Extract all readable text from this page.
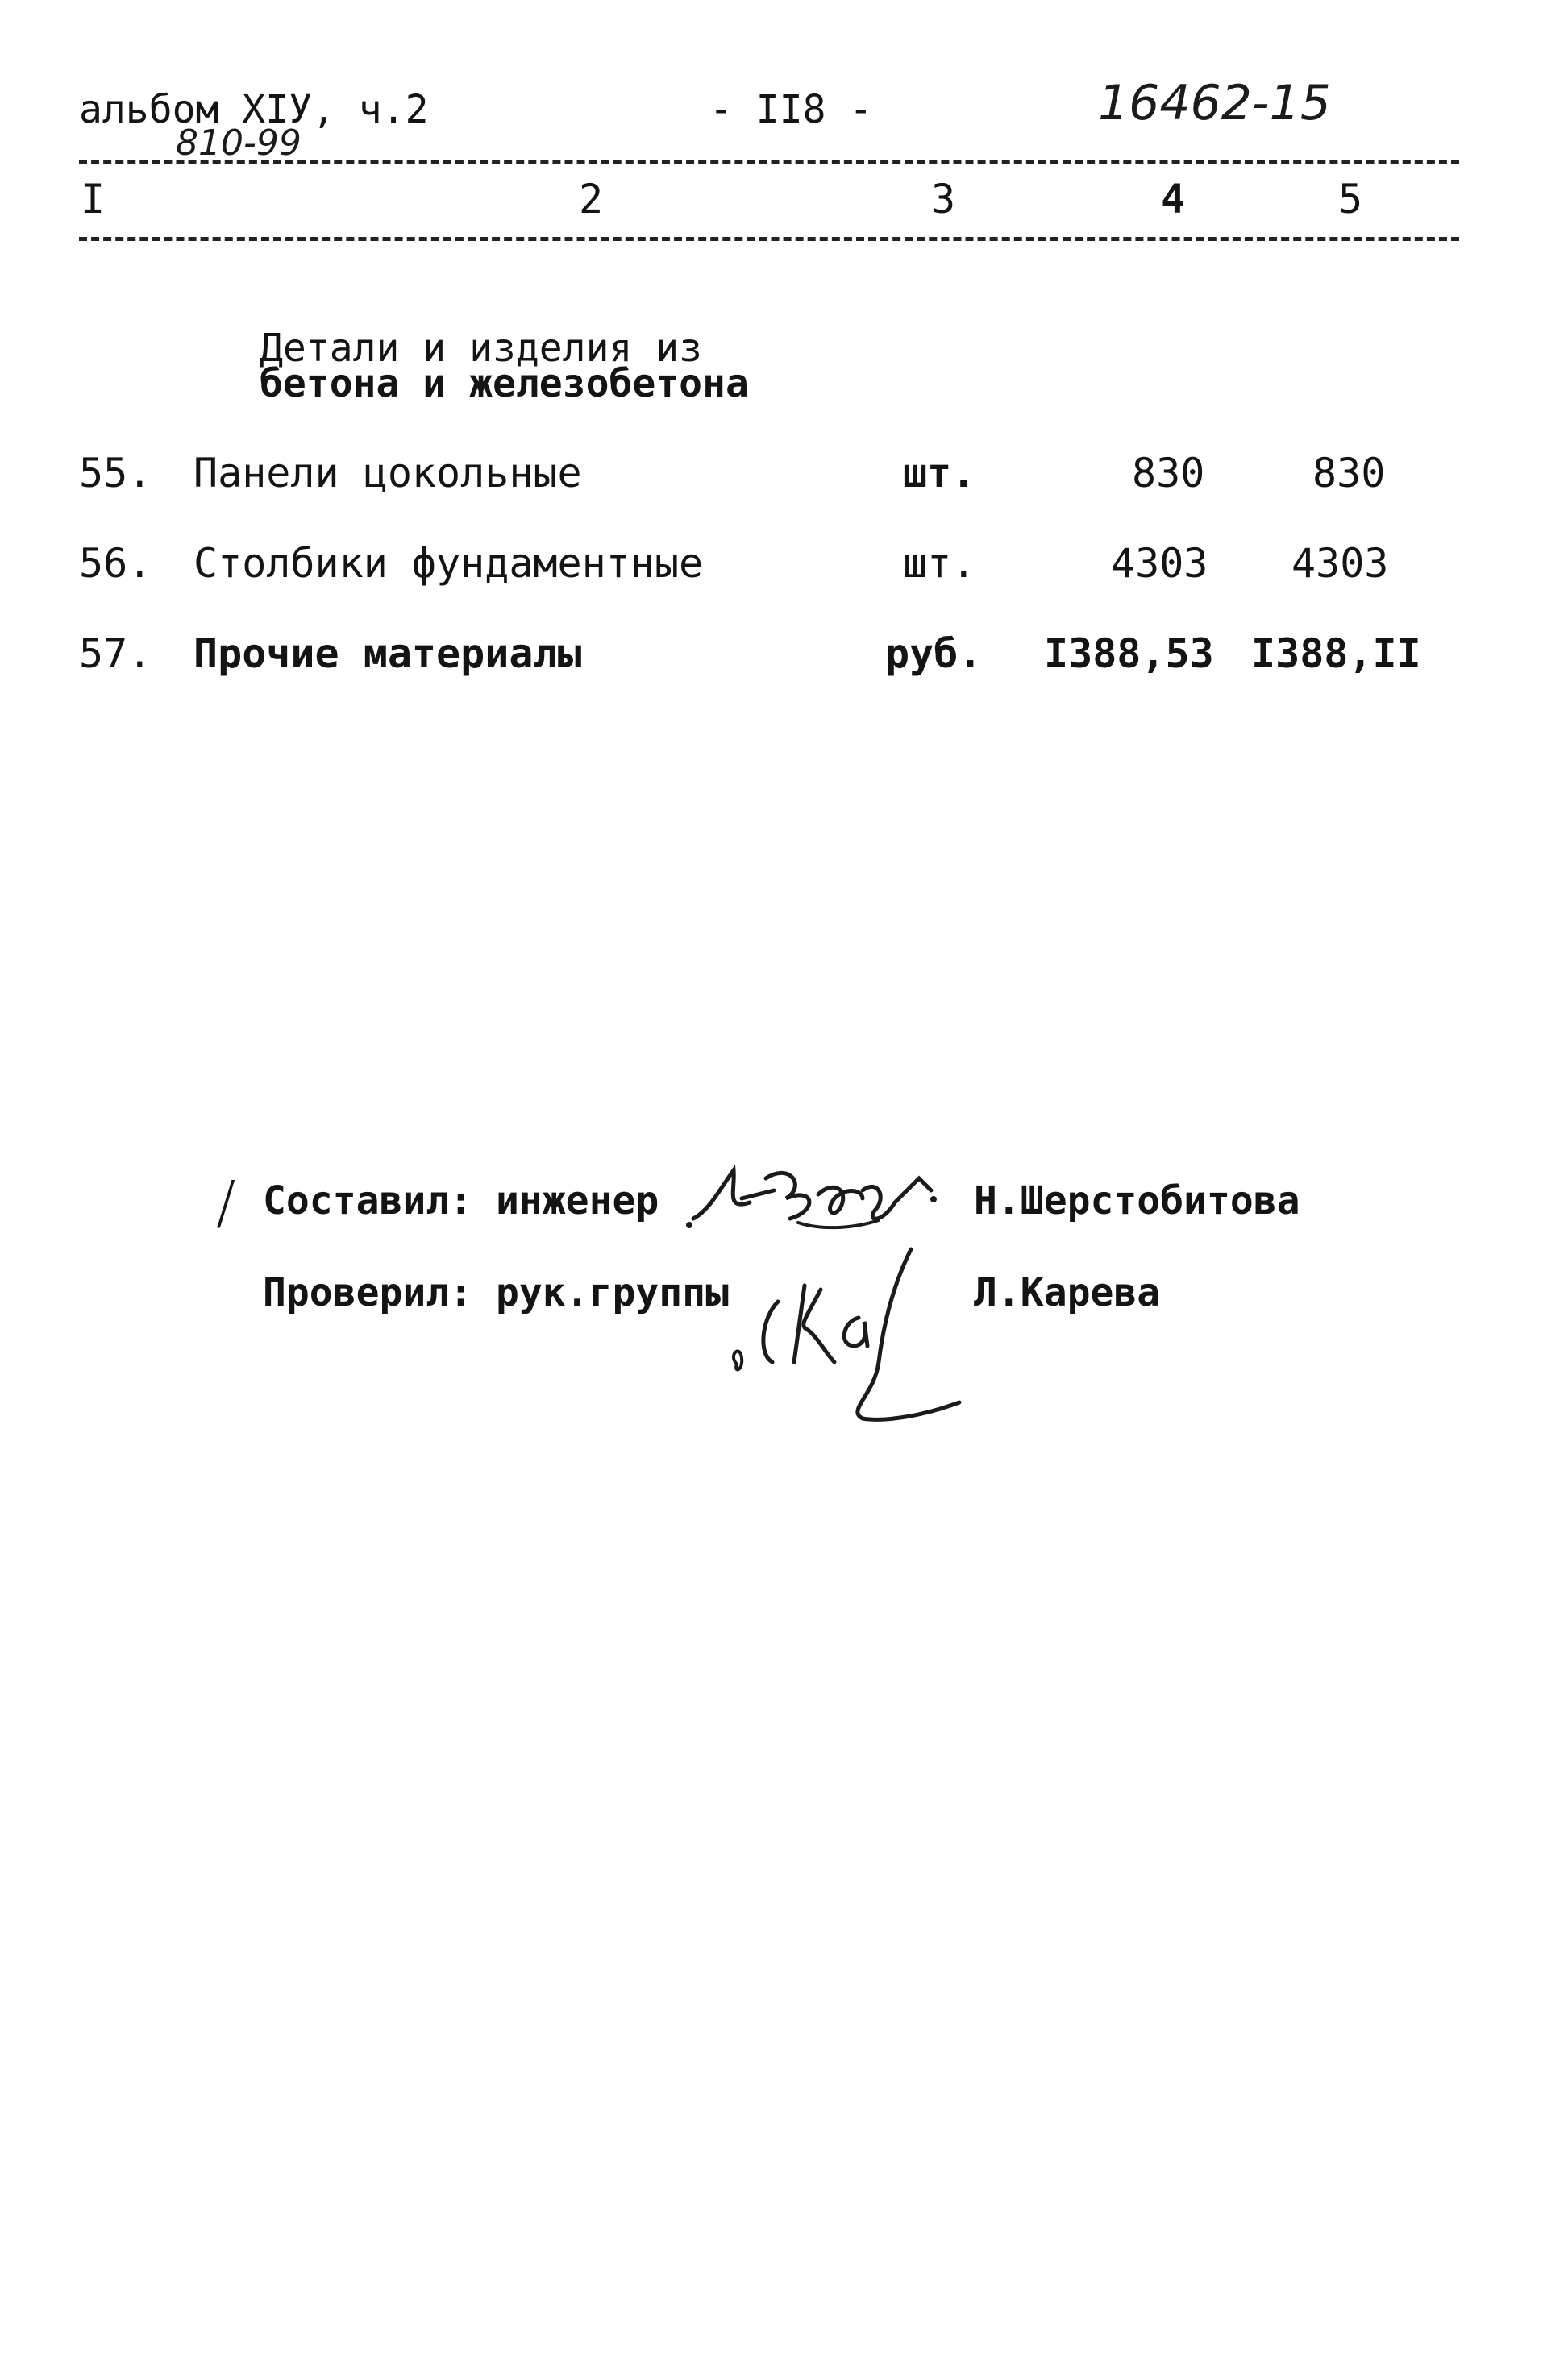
альбом XIУ, ч.2	- II8 -	16462-15
810-99
I	2	3	4	5
Детали и изделия из
бетона и железобетона
55. Панели цокольные	шт.	830	830
56. Столбики фундаментные	шт.	4303 4303
57. Прочие материалы	руб. I388,53 I388,II
/ Составил: инженер	Н.Шерстобитова
Проверил: рук.группы	Л.Карева
